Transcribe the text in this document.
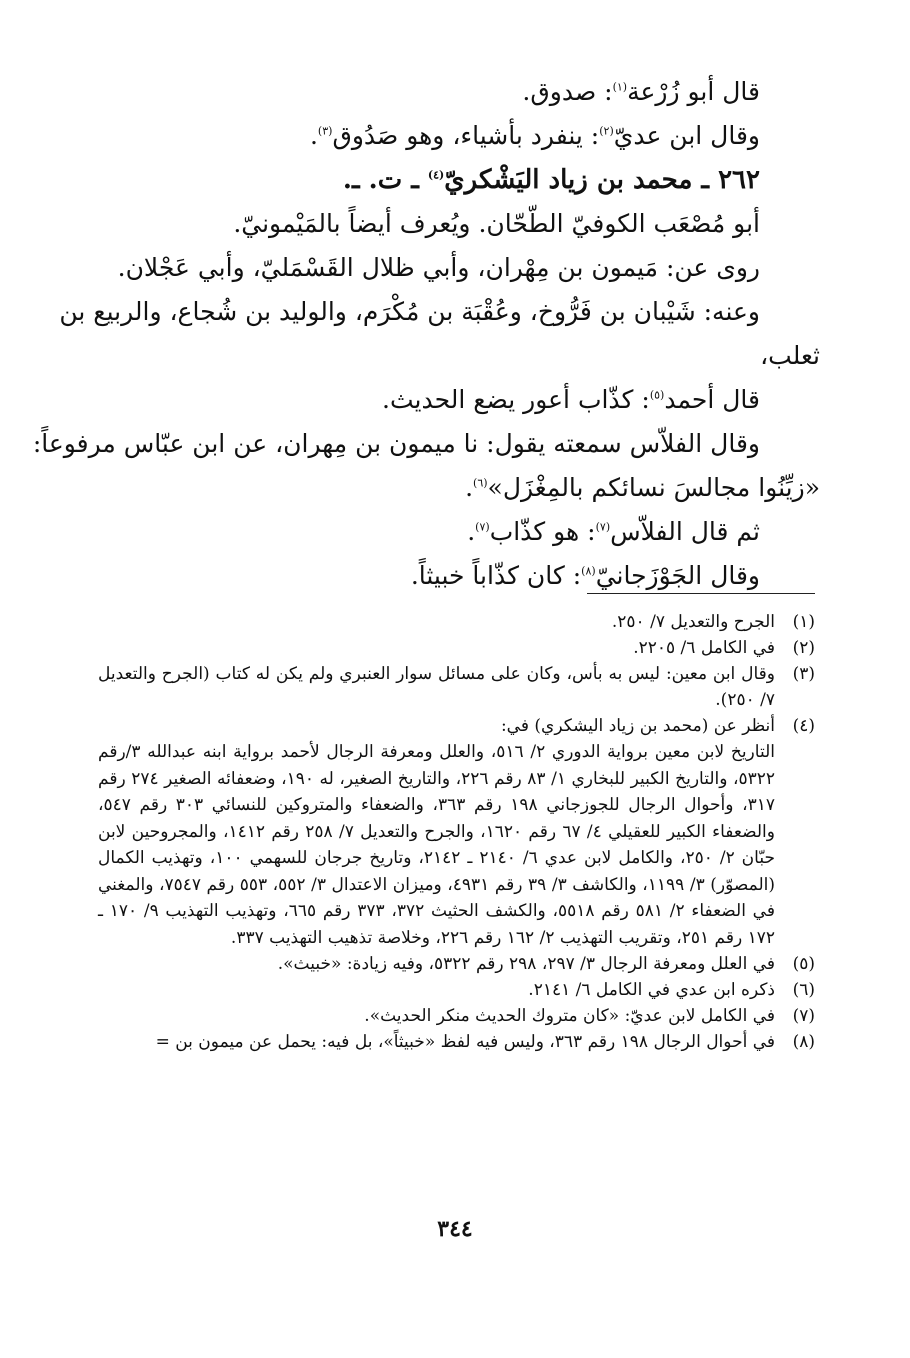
قال أبو زُرْعة$^{(١)}$: صدوق.
وقال ابن عديّ$^{(٢)}$: ينفرد بأشياء، وهو صَدُوق$^{(٣)}$.
٢٦٢ ـ محمد بن زياد اليَشْكريّ$^{(٤)}$ ـ ت. ـ.
أبو مُصْعَب الكوفيّ الطّحّان. ويُعرف أيضاً بالمَيْمونيّ.
روى عن: مَيمون بن مِهْران، وأبي ظلال القَسْمَليّ، وأبي عَجْلان.
وعنه: شَيْبان بن فَرُّوخ، وعُقْبَة بن مُكْرَم، والوليد بن شُجاع، والربيع بن
ثعلب،
قال أحمد$^{(٥)}$: كذّاب أعور يضع الحديث.
وقال الفلاّس سمعته يقول: نا ميمون بن مِهران، عن ابن عبّاس مرفوعاً:
«زيِّنُوا مجالسَ نسائكم بالمِغْزَل»$^{(٦)}$.
ثم قال الفلاّس$^{(٧)}$: هو كذّاب$^{(٧)}$.
وقال الجَوْزَجانيّ$^{(٨)}$: كان كذّاباً خبيثاً.
(١)
الجرح والتعديل ٧/ ٢٥٠.
(٢)
في الكامل ٦/ ٢٢٠٥.
(٣)
وقال ابن معين: ليس به بأس، وكان على مسائل سوار العنبري ولم يكن له كتاب (الجرح والتعديل ٧/ ٢٥٠).
(٤)
أنظر عن (محمد بن زياد اليشكري) في:
التاريخ لابن معين برواية الدوري ٢/ ٥١٦، والعلل ومعرفة الرجال لأحمد برواية ابنه عبدالله ٣/رقم ٥٣٢٢، والتاريخ الكبير للبخاري ١/ ٨٣ رقم ٢٢٦، والتاريخ الصغير، له ١٩٠، وضعفائه الصغير ٢٧٤ رقم ٣١٧، وأحوال الرجال للجوزجاني ١٩٨ رقم ٣٦٣، والضعفاء والمتروكين للنسائي ٣٠٣ رقم ٥٤٧، والضعفاء الكبير للعقيلي ٤/ ٦٧ رقم ١٦٢٠، والجرح والتعديل ٧/ ٢٥٨ رقم ١٤١٢، والمجروحين لابن حبّان ٢/ ٢٥٠، والكامل لابن عدي ٦/ ٢١٤٠ ـ ٢١٤٢، وتاريخ جرجان للسهمي ١٠٠، وتهذيب الكمال (المصوّر) ٣/ ١١٩٩، والكاشف ٣/ ٣٩ رقم ٤٩٣١، وميزان الاعتدال ٣/ ٥٥٢، ٥٥٣ رقم ٧٥٤٧، والمغني في الضعفاء ٢/ ٥٨١ رقم ٥٥١٨، والكشف الحثيث ٣٧٢، ٣٧٣ رقم ٦٦٥، وتهذيب التهذيب ٩/ ١٧٠ ـ ١٧٢ رقم ٢٥١، وتقريب التهذيب ٢/ ١٦٢ رقم ٢٢٦، وخلاصة تذهيب التهذيب ٣٣٧.
(٥)
في العلل ومعرفة الرجال ٣/ ٢٩٧، ٢٩٨ رقم ٥٣٢٢، وفيه زيادة: «خبيث».
(٦)
ذكره ابن عدي في الكامل ٦/ ٢١٤١.
(٧)
في الكامل لابن عديّ: «كان متروك الحديث منكر الحديث».
(٨)
في أحوال الرجال ١٩٨ رقم ٣٦٣، وليس فيه لفظ «خبيثاً»، بل فيه: يحمل عن ميمون بن =
٣٤٤
